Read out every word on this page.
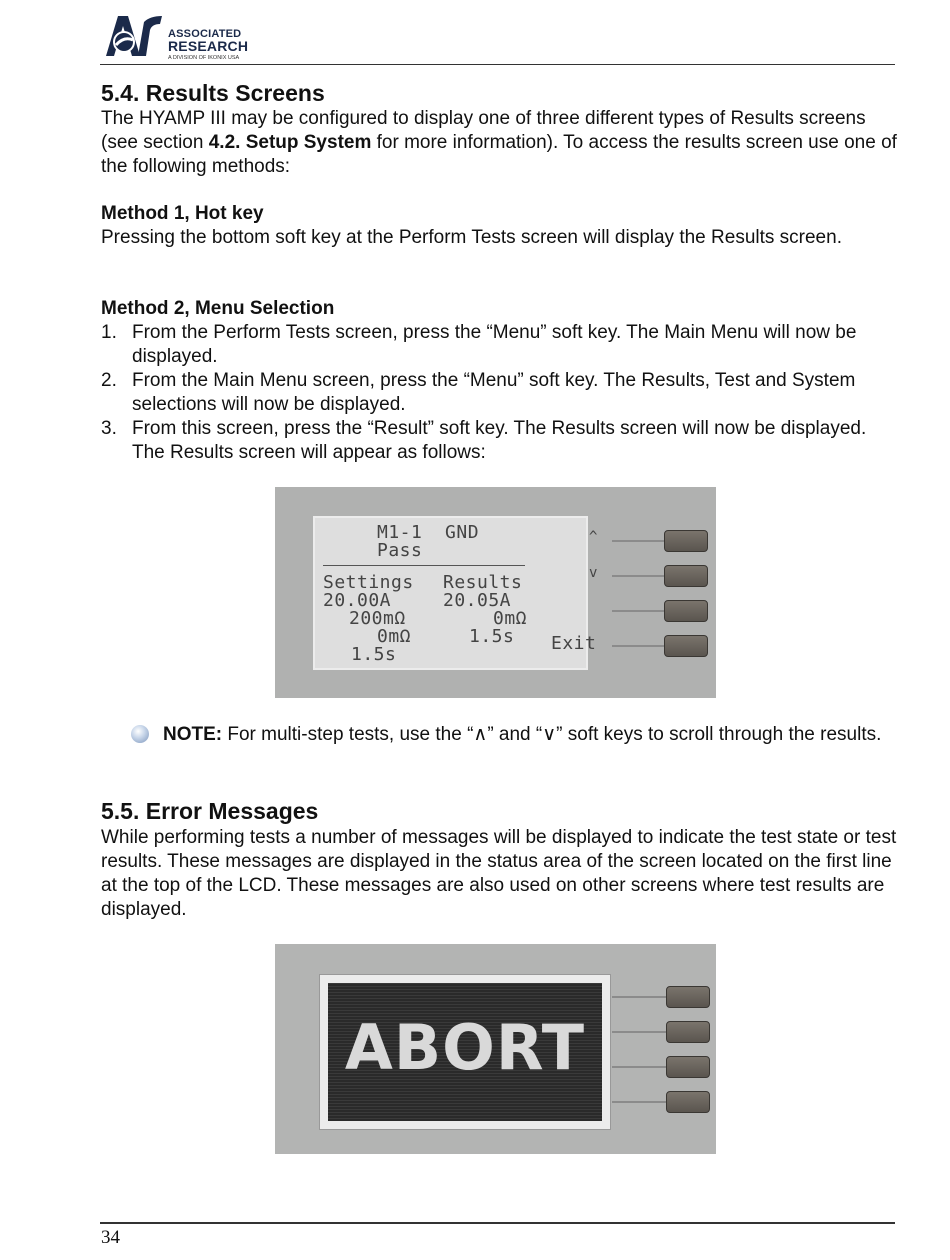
ASSOCIATED
RESEARCH
A DIVISION OF IKONIX USA
5.4. Results Screens

The HYAMP III may be configured to display one of three different types of Results screens (see section 4.2. Setup System for more information). To access the results screen use one of the following methods:

Method 1, Hot key

Pressing the bottom soft key at the Perform Tests screen will display the Results screen.

Method 2, Menu Selection

1. From the Perform Tests screen, press the “Menu” soft key. The Main Menu will now be displayed.
2. From the Main Menu screen, press the “Menu” soft key. The Results, Test and System selections will now be displayed.
3. From this screen, press the “Result” soft key. The Results screen will now be displayed. The Results screen will appear as follows:
M1-1  GND
Pass
Settings Results
20.00A	20.05A
200mΩ	0mΩ
0mΩ	1.5s
1.5s
^
v
Exit

NOTE: For multi-step tests, use the “∧” and “∨” soft keys to scroll through the results.

5.5. Error Messages

While performing tests a number of messages will be displayed to indicate the test state or test results. These messages are displayed in the status area of the screen located on the first line at the top of the LCD. These messages are also used on other screens where test results are displayed.

ABORT
34
